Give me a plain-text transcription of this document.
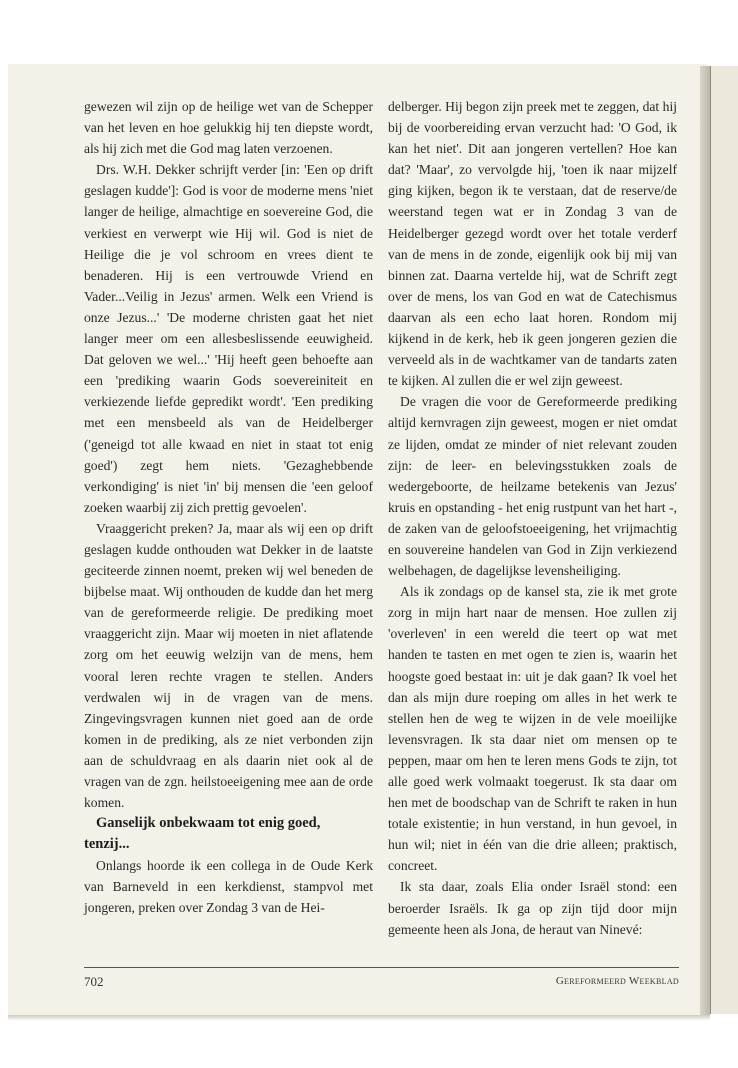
gewezen wil zijn op de heilige wet van de Schepper van het leven en hoe gelukkig hij ten diepste wordt, als hij zich met die God mag laten verzoenen.

Drs. W.H. Dekker schrijft verder [in: 'Een op drift geslagen kudde']: God is voor de moderne mens 'niet langer de heilige, almachtige en soevereine God, die verkiest en verwerpt wie Hij wil. God is niet de Heilige die je vol schroom en vrees dient te benaderen. Hij is een vertrouwde Vriend en Vader...Veilig in Jezus' armen. Welk een Vriend is onze Jezus...' 'De moderne christen gaat het niet langer meer om een allesbeslissende eeuwigheid. Dat geloven we wel...' 'Hij heeft geen behoefte aan een 'prediking waarin Gods soevereiniteit en verkiezende liefde gepredikt wordt'. 'Een prediking met een mensbeeld als van de Heidelberger ('geneigd tot alle kwaad en niet in staat tot enig goed') zegt hem niets. 'Gezaghebbende verkondiging' is niet 'in' bij mensen die 'een geloof zoeken waarbij zij zich prettig gevoelen'.

Vraaggericht preken? Ja, maar als wij een op drift geslagen kudde onthouden wat Dekker in de laatste geciteerde zinnen noemt, preken wij wel beneden de bijbelse maat. Wij onthouden de kudde dan het merg van de gereformeerde religie. De prediking moet vraaggericht zijn. Maar wij moeten in niet aflatende zorg om het eeuwig welzijn van de mens, hem vooral leren rechte vragen te stellen. Anders verdwalen wij in de vragen van de mens. Zingevingsvragen kunnen niet goed aan de orde komen in de prediking, als ze niet verbonden zijn aan de schuldvraag en als daarin niet ook al de vragen van de zgn. heilstoeeigening mee aan de orde komen.

Ganselijk onbekwaam tot enig goed,
tenzij...

Onlangs hoorde ik een collega in de Oude Kerk van Barneveld in een kerkdienst, stampvol met jongeren, preken over Zondag 3 van de Hei-

delberger. Hij begon zijn preek met te zeggen, dat hij bij de voorbereiding ervan verzucht had: 'O God, ik kan het niet'. Dit aan jongeren vertellen? Hoe kan dat? 'Maar', zo vervolgde hij, 'toen ik naar mijzelf ging kijken, begon ik te verstaan, dat de reserve/de weerstand tegen wat er in Zondag 3 van de Heidelberger gezegd wordt over het totale verderf van de mens in de zonde, eigenlijk ook bij mij van binnen zat. Daarna vertelde hij, wat de Schrift zegt over de mens, los van God en wat de Catechismus daarvan als een echo laat horen. Rondom mij kijkend in de kerk, heb ik geen jongeren gezien die verveeld als in de wachtkamer van de tandarts zaten te kijken. Al zullen die er wel zijn geweest.

De vragen die voor de Gereformeerde prediking altijd kernvragen zijn geweest, mogen er niet omdat ze lijden, omdat ze minder of niet relevant zouden zijn: de leer- en belevingsstukken zoals de wedergeboorte, de heilzame betekenis van Jezus' kruis en opstanding - het enig rustpunt van het hart -, de zaken van de geloofstoeeigening, het vrijmachtig en souvereine handelen van God in Zijn verkiezend welbehagen, de dagelijkse levensheiliging.

Als ik zondags op de kansel sta, zie ik met grote zorg in mijn hart naar de mensen. Hoe zullen zij 'overleven' in een wereld die teert op wat met handen te tasten en met ogen te zien is, waarin het hoogste goed bestaat in: uit je dak gaan? Ik voel het dan als mijn dure roeping om alles in het werk te stellen hen de weg te wijzen in de vele moeilijke levensvragen. Ik sta daar niet om mensen op te peppen, maar om hen te leren mens Gods te zijn, tot alle goed werk volmaakt toegerust. Ik sta daar om hen met de boodschap van de Schrift te raken in hun totale existentie; in hun verstand, in hun gevoel, in hun wil; niet in één van die drie alleen; praktisch, concreet.

Ik sta daar, zoals Elia onder Israël stond: een beroerder Israëls. Ik ga op zijn tijd door mijn gemeente heen als Jona, de heraut van Ninevé:

702	Gereformeerd Weekblad
